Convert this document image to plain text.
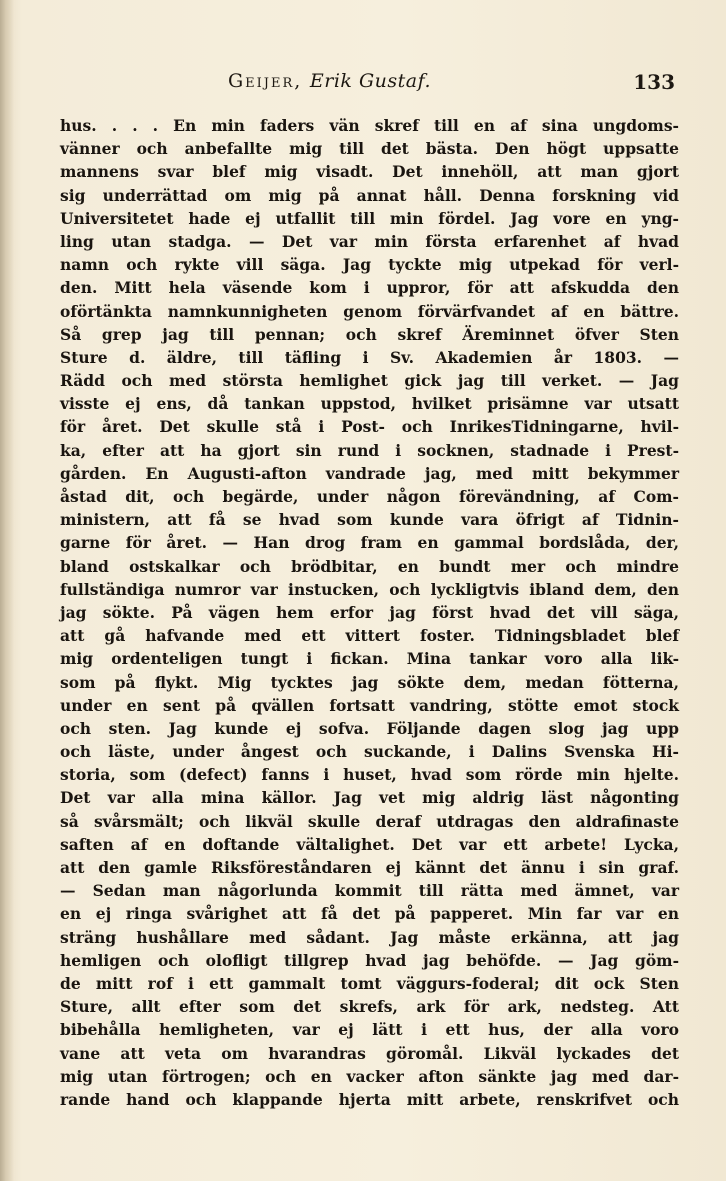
Geijer, Erik Gustaf.	133
hus. . . . En min faders vän skref till en af sina ungdoms-
vänner och anbefallte mig till det bästa. Den högt uppsatte
mannens svar blef mig visadt. Det innehöll, att man gjort
sig underrättad om mig på annat håll. Denna forskning vid
Universitetet hade ej utfallit till min fördel. Jag vore en yng-
ling utan stadga. — Det var min första erfarenhet af hvad
namn och rykte vill säga. Jag tyckte mig utpekad för verl-
den. Mitt hela väsende kom i uppror, för att afskudda den
oförtänkta namnkunnigheten genom förvärfvandet af en bättre.
Så grep jag till pennan; och skref Äreminnet öfver Sten
Sture d. äldre, till täfling i Sv. Akademien år 1803. —
Rädd och med största hemlighet gick jag till verket. — Jag
visste ej ens, då tankan uppstod, hvilket prisämne var utsatt
för året. Det skulle stå i Post- och InrikesTidningarne, hvil-
ka, efter att ha gjort sin rund i socknen, stadnade i Prest-
gården. En Augusti-afton vandrade jag, med mitt bekymmer
åstad dit, och begärde, under någon förevändning, af Com-
ministern, att få se hvad som kunde vara öfrigt af Tidnin-
garne för året. — Han drog fram en gammal bordslåda, der,
bland ostskalkar och brödbitar, en bundt mer och mindre
fullständiga numror var instucken, och lyckligtvis ibland dem, den
jag sökte. På vägen hem erfor jag först hvad det vill säga,
att gå hafvande med ett vittert foster. Tidningsbladet blef
mig ordenteligen tungt i fickan. Mina tankar voro alla lik-
som på flykt. Mig tycktes jag sökte dem, medan fötterna,
under en sent på qvällen fortsatt vandring, stötte emot stock
och sten. Jag kunde ej sofva. Följande dagen slog jag upp
och läste, under ångest och suckande, i Dalins Svenska Hi-
storia, som (defect) fanns i huset, hvad som rörde min hjelte.
Det var alla mina källor. Jag vet mig aldrig läst någonting
så svårsmält; och likväl skulle deraf utdragas den aldrafinaste
saften af en doftande vältalighet. Det var ett arbete! Lycka,
att den gamle Riksföreståndaren ej kännt det ännu i sin graf.
— Sedan man någorlunda kommit till rätta med ämnet, var
en ej ringa svårighet att få det på papperet. Min far var en
sträng hushållare med sådant. Jag måste erkänna, att jag
hemligen och olofligt tillgrep hvad jag behöfde. — Jag göm-
de mitt rof i ett gammalt tomt väggurs-foderal; dit ock Sten
Sture, allt efter som det skrefs, ark för ark, nedsteg. Att
bibehålla hemligheten, var ej lätt i ett hus, der alla voro
vane att veta om hvarandras göromål. Likväl lyckades det
mig utan förtrogen; och en vacker afton sänkte jag med dar-
rande hand och klappande hjerta mitt arbete, renskrifvet och
